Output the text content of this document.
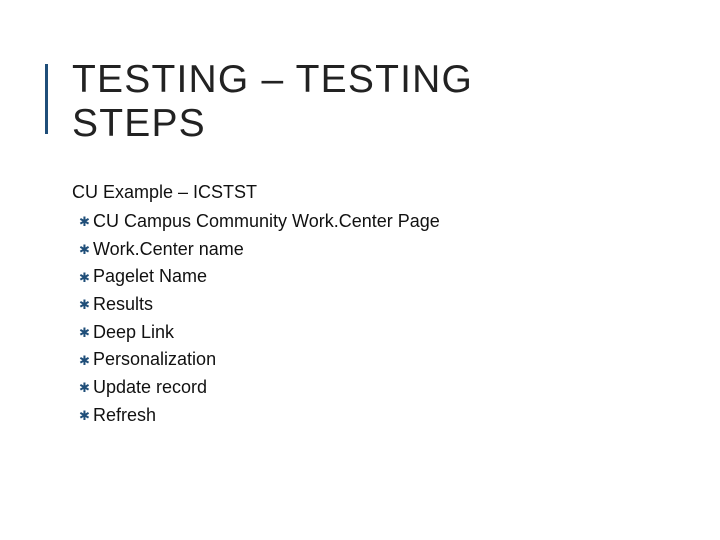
TESTING – TESTING
STEPS
CU Example – ICSTST
✱ CU Campus Community Work.Center Page
✱ Work.Center name
✱ Pagelet Name
✱ Results
✱ Deep Link
✱ Personalization
✱ Update record
✱ Refresh
